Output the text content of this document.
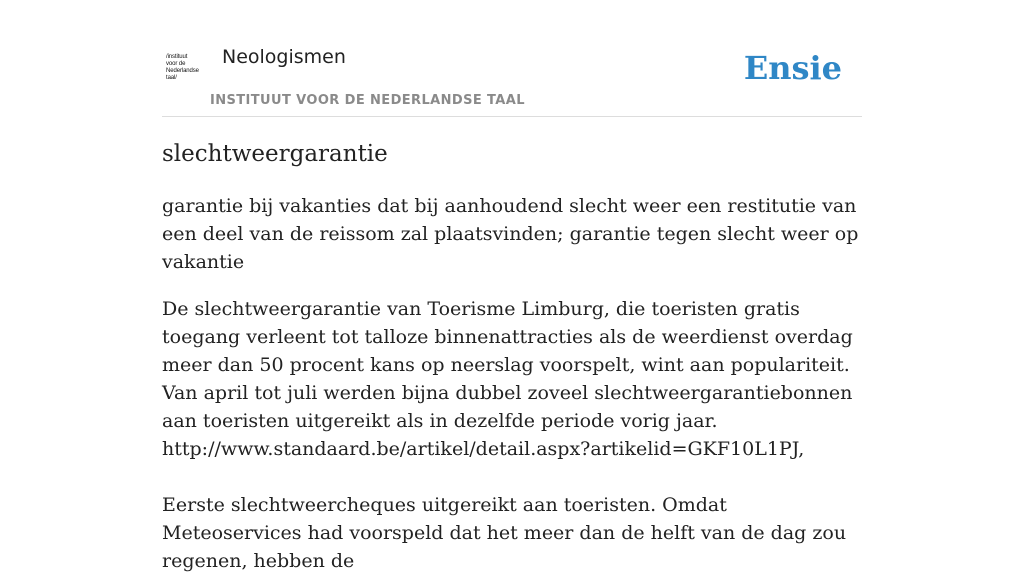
/instituut
voor de
Nederlandse
taal/
Neologismen
INSTITUUT VOOR DE NEDERLANDSE TAAL
Ensie
slechtweergarantie

garantie bij vakanties dat bij aanhoudend slecht weer een restitutie van een deel van de reissom zal plaatsvinden; garantie tegen slecht weer op vakantie

De slechtweergarantie van Toerisme Limburg, die toeristen gratis toegang verleent tot talloze binnenattracties als de weerdienst overdag meer dan 50 procent kans op neerslag voorspelt, wint aan populariteit. Van april tot juli werden bijna dubbel zoveel slechtweergarantiebonnen aan toeristen uitgereikt als in dezelfde periode vorig jaar.
http://www.standaard.be/artikel/detail.aspx?artikelid=GKF10L1PJ,
Eerste slechtweercheques uitgereikt aan toeristen. Omdat Meteoservices had voorspeld dat het meer dan de helft van de dag zou regenen, hebben de
